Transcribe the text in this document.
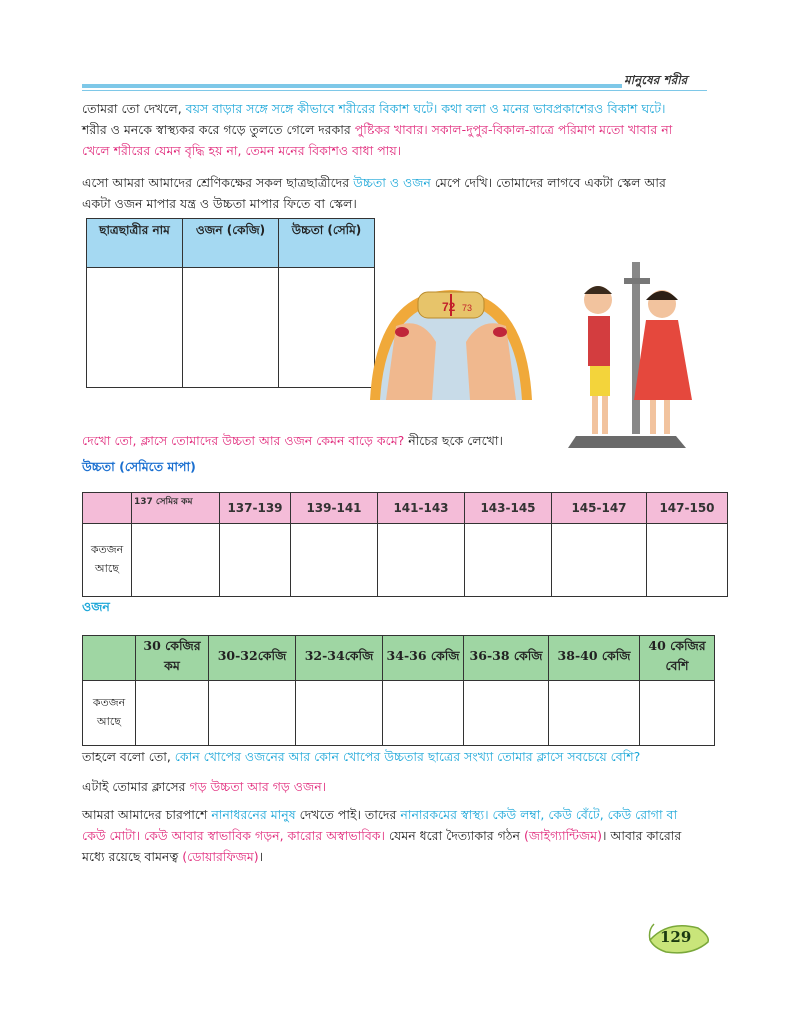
মানুষের শরীর
তোমরা তো দেখলে, বয়স বাড়ার সঙ্গে সঙ্গে কীভাবে শরীরের বিকাশ ঘটে। কথা বলা ও মনের ভাবপ্রকাশেরও বিকাশ ঘটে।
শরীর ও মনকে স্বাস্থ্যকর করে গড়ে তুলতে গেলে দরকার পুষ্টিকর খাবার। সকাল-দুপুর-বিকাল-রাত্রে পরিমাণ মতো খাবার না
খেলে শরীরের যেমন বৃদ্ধি হয় না, তেমন মনের বিকাশও বাধা পায়।
এসো আমরা আমাদের শ্রেণিকক্ষের সকল ছাত্রছাত্রীদের উচ্চতা ও ওজন মেপে দেখি। তোমাদের লাগবে একটা স্কেল আর
একটা ওজন মাপার যন্ত্র ও উচ্চতা মাপার ফিতে বা স্কেল।
ছাত্রছাত্রীর নাম	ওজন (কেজি)	উচ্চতা (সেমি)

72 73
দেখো তো, ক্লাসে তোমাদের উচ্চতা আর ওজন কেমন বাড়ে কমে? নীচের ছকে লেখো।
উচ্চতা (সেমিতে মাপা)
	137 সেমির কম	137-139	139-141	141-143	143-145	145-147	147-150
কতজন আছে							
ওজন
	30 কেজির কম	30-32কেজি	32-34কেজি	34-36 কেজি	36-38 কেজি	38-40 কেজি	40 কেজির বেশি
কতজন আছে							
তাহলে বলো তো, কোন খোপের ওজনের আর কোন খোপের উচ্চতার ছাত্রের সংখ্যা তোমার ক্লাসে সবচেয়ে বেশি?
এটাই তোমার ক্লাসের গড় উচ্চতা আর গড় ওজন।
আমরা আমাদের চারপাশে নানাধরনের মানুষ দেখতে পাই। তাদের নানারকমের স্বাস্থ্য। কেউ লম্বা, কেউ বেঁটে, কেউ রোগা বা
কেউ মোটা। কেউ আবার স্বাভাবিক গড়ন, কারোর অস্বাভাবিক। যেমন ধরো দৈত্যাকার গঠন (জাইগ্যান্টিজম)। আবার কারোর
মধ্যে রয়েছে বামনত্ব (ডোয়ারফিজম)।
129
